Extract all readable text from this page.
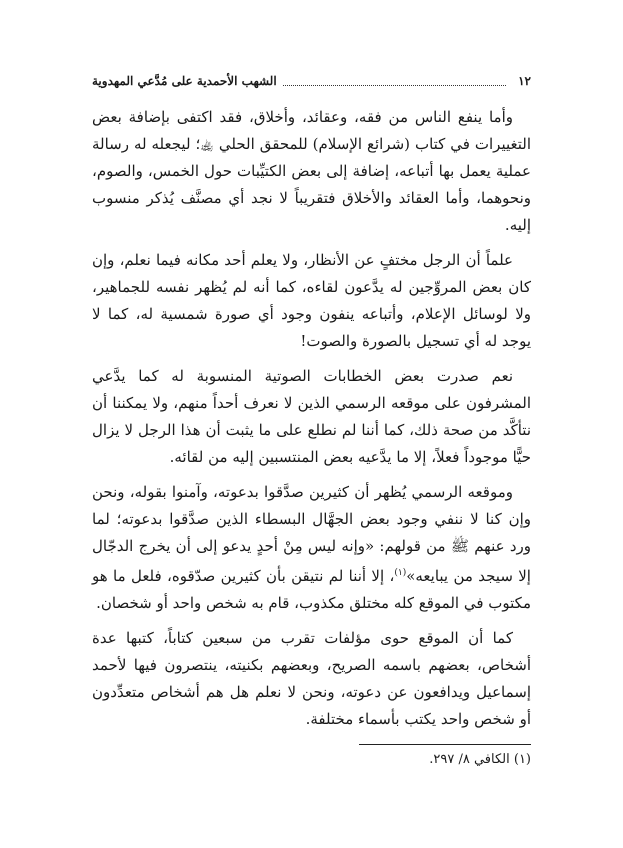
١٢
الشهب الأحمدية على مُدَّعي المهدوية

وأما ينفع الناس من فقه، وعقائد، وأخلاق، فقد اكتفى بإضافة بعض التغييرات في كتاب (شرائع الإسلام) للمحقق الحلي ﵀؛ ليجعله له رسالة عملية يعمل بها أتباعه، إضافة إلى بعض الكتيِّبات حول الخمس، والصوم، ونحوهما، وأما العقائد والأخلاق فتقريباً لا نجد أي مصنَّف يُذكر منسوب إليه.

علماً أن الرجل مختفٍ عن الأنظار، ولا يعلم أحد مكانه فيما نعلم، وإن كان بعض المروِّجين له يدَّعون لقاءه، كما أنه لم يُظهر نفسه للجماهير، ولا لوسائل الإعلام، وأتباعه ينفون وجود أي صورة شمسية له، كما لا يوجد له أي تسجيل بالصورة والصوت!

نعم صدرت بعض الخطابات الصوتية المنسوبة له كما يدَّعي المشرفون على موقعه الرسمي الذين لا نعرف أحداً منهم، ولا يمكننا أن نتأكَّد من صحة ذلك، كما أننا لم نطلع على ما يثبت أن هذا الرجل لا يزال حيًّا موجوداً فعلاً، إلا ما يدَّعيه بعض المنتسبين إليه من لقائه.

وموقعه الرسمي يُظهر أن كثيرين صدَّقوا بدعوته، وآمنوا بقوله، ونحن وإن كنا لا ننفي وجود بعض الجهَّال البسطاء الذين صدَّقوا بدعوته؛ لما ورد عنهم ﷺ من قولهم: «وإنه ليس مِنْ أحدٍ يدعو إلى أن يخرج الدجّال إلا سيجد من يبايعه»$^{(١)}$، إلا أننا لم نتيقن بأن كثيرين صدّقوه، فلعل ما هو مكتوب في الموقع كله مختلق مكذوب، قام به شخص واحد أو شخصان.

كما أن الموقع حوى مؤلفات تقرب من سبعين كتاباً، كتبها عدة أشخاص، بعضهم باسمه الصريح، وبعضهم بكنيته، ينتصرون فيها لأحمد إسماعيل ويدافعون عن دعوته، ونحن لا نعلم هل هم أشخاص متعدِّدون أو شخص واحد يكتب بأسماء مختلفة.

(١) الكافي ٨/ ٢٩٧.
